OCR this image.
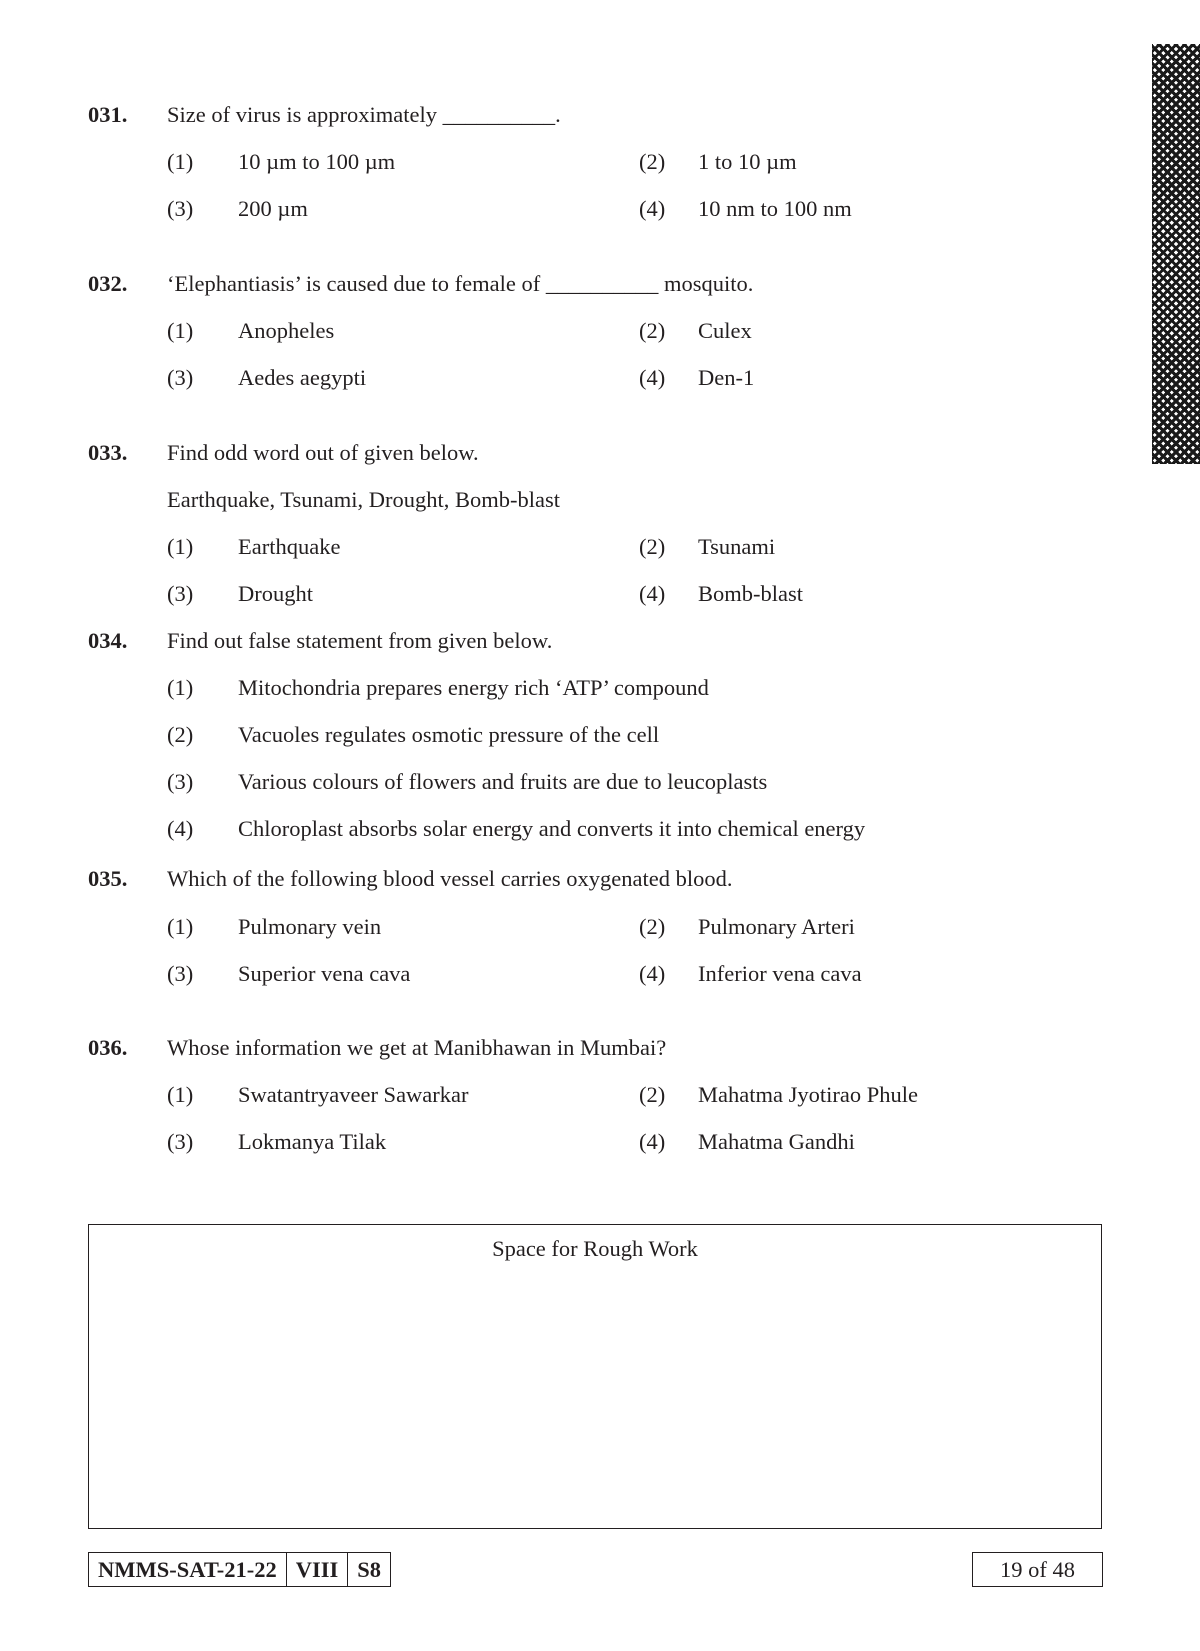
031. Size of virus is approximately __________.
(1) 10 µm to 100 µm	(2) 1 to 10 µm
(3) 200 µm	(4) 10 nm to 100 nm
032. ‘Elephantiasis’ is caused due to female of __________ mosquito.
(1) Anopheles	(2) Culex
(3) Aedes aegypti	(4) Den-1
033. Find odd word out of given below.
Earthquake, Tsunami, Drought, Bomb-blast
(1) Earthquake	(2) Tsunami
(3) Drought	(4) Bomb-blast
034. Find out false statement from given below.
(1) Mitochondria prepares energy rich ‘ATP’ compound
(2) Vacuoles regulates osmotic pressure of the cell
(3) Various colours of flowers and fruits are due to leucoplasts
(4) Chloroplast absorbs solar energy and converts it into chemical energy
035. Which of the following blood vessel carries oxygenated blood.
(1) Pulmonary vein	(2) Pulmonary Arteri
(3) Superior vena cava	(4) Inferior vena cava
036. Whose information we get at Manibhawan in Mumbai?
(1) Swatantryaveer Sawarkar	(2) Mahatma Jyotirao Phule
(3) Lokmanya Tilak	(4) Mahatma Gandhi
Space for Rough Work
NMMS-SAT-21-22 VIII S8	19 of 48
